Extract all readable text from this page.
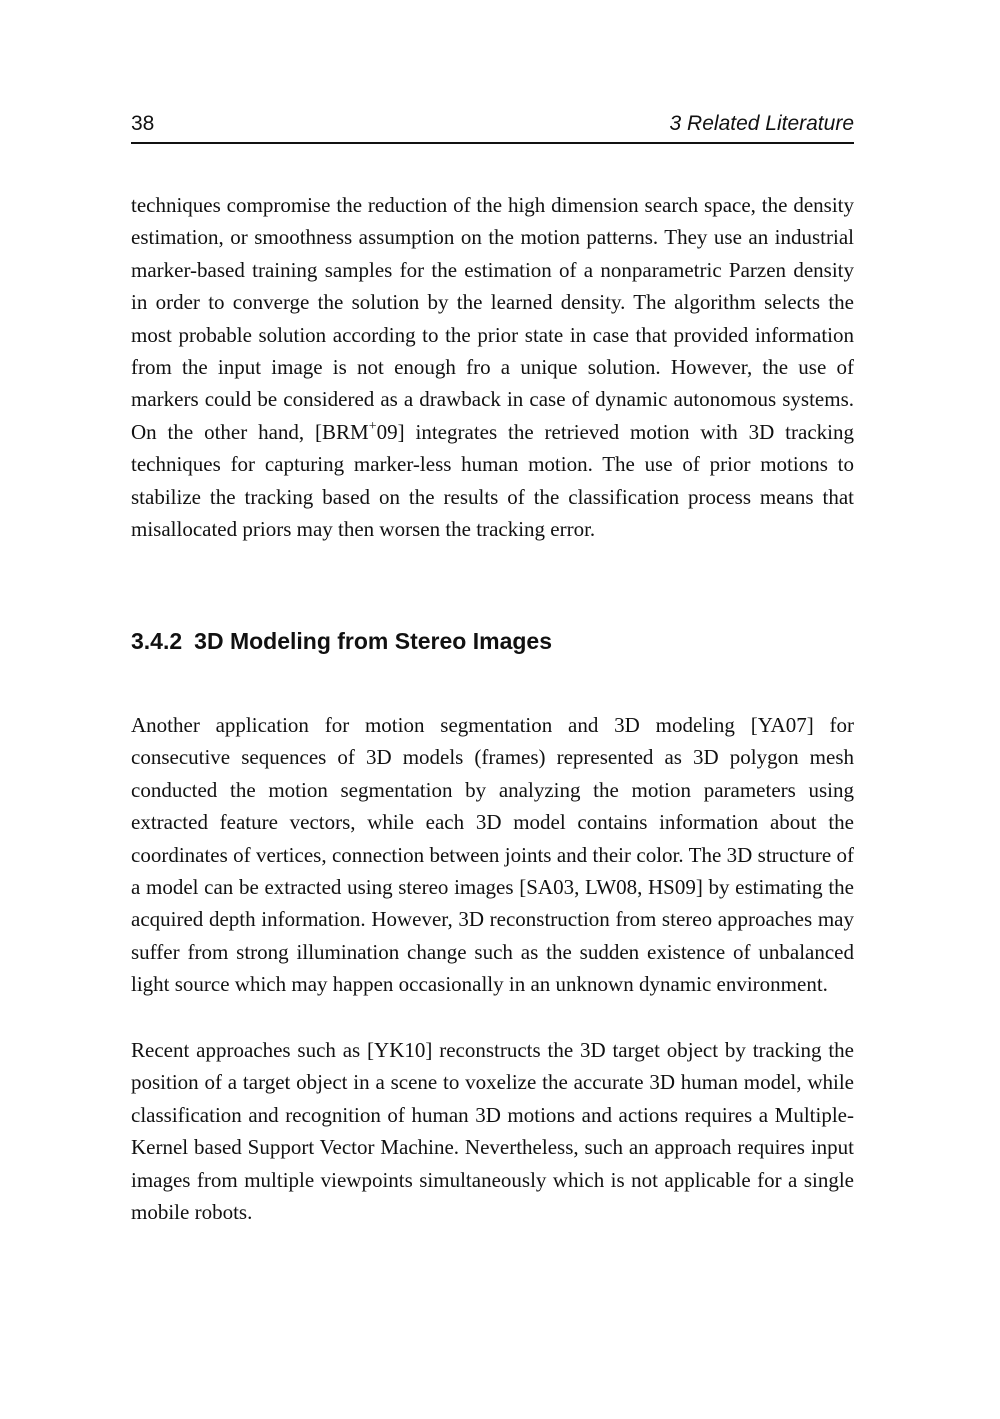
38	3 Related Literature

techniques compromise the reduction of the high dimension search space, the density estimation, or smoothness assumption on the motion patterns. They use an industrial marker-based training samples for the estimation of a nonparametric Parzen density in order to converge the solution by the learned density. The algorithm selects the most probable solution according to the prior state in case that provided information from the input image is not enough fro a unique solution. However, the use of markers could be considered as a drawback in case of dynamic autonomous systems. On the other hand, [BRM+09] integrates the retrieved motion with 3D tracking techniques for capturing marker-less human motion. The use of prior motions to stabilize the tracking based on the results of the classification process means that misallocated priors may then worsen the tracking error.

3.4.2 3D Modeling from Stereo Images

Another application for motion segmentation and 3D modeling [YA07] for consecutive sequences of 3D models (frames) represented as 3D polygon mesh conducted the motion segmentation by analyzing the motion parameters using extracted feature vectors, while each 3D model contains information about the coordinates of vertices, connection between joints and their color. The 3D structure of a model can be extracted using stereo images [SA03, LW08, HS09] by estimating the acquired depth information. However, 3D reconstruction from stereo approaches may suffer from strong illumination change such as the sudden existence of unbalanced light source which may happen occasionally in an unknown dynamic environment.

Recent approaches such as [YK10] reconstructs the 3D target object by tracking the position of a target object in a scene to voxelize the accurate 3D human model, while classification and recognition of human 3D motions and actions requires a Multiple-Kernel based Support Vector Machine. Nevertheless, such an approach requires input images from multiple viewpoints simultaneously which is not applicable for a single mobile robots.
